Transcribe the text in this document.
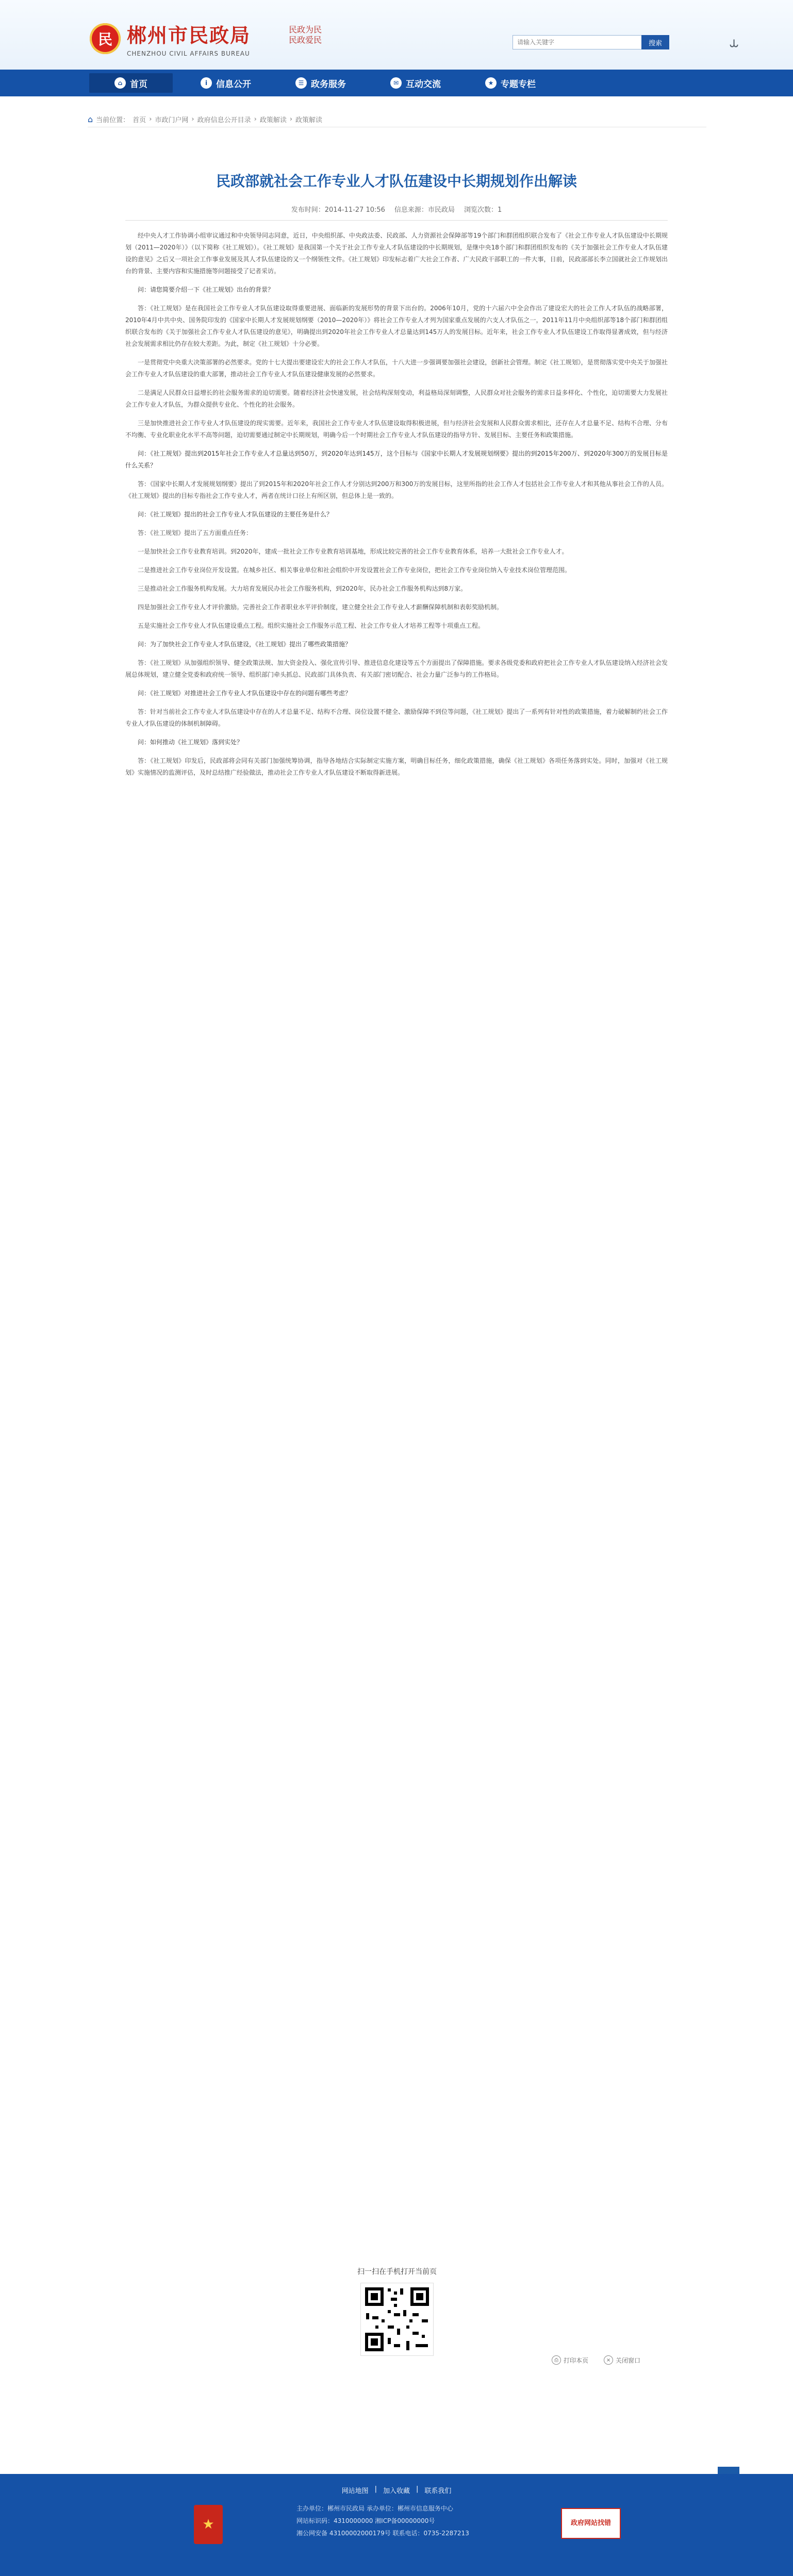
民 郴州市民政局
CHENZHOU CIVIL AFFAIRS BUREAU
民政为民 民政爱民
请输入关键字	搜索	⥿
⌂ 首页	i 信息公开	☰ 政务服务	✉ 互动交流	★ 专题专栏
⌂ 当前位置： 首页 › 市政门户网 › 政府信息公开目录 › 政策解读 › 政策解读
民政部就社会工作专业人才队伍建设中长期规划作出解读
发布时间：2014-11-27 10:56 信息来源：市民政局 浏览次数：1

经中央人才工作协调小组审议通过和中央领导同志同意，近日，中央组织部、中央政法委、民政部、人力资源社会保障部等19个部门和群团组织联合发布了《社会工作专业人才队伍建设中长期规划（2011—2020年）》（以下简称《社工规划》）。《社工规划》是我国第一个关于社会工作专业人才队伍建设的中长期规划，是继中央18个部门和群团组织发布的《关于加强社会工作专业人才队伍建设的意见》之后又一项社会工作事业发展及其人才队伍建设的又一个纲领性文件。《社工规划》印发标志着广大社会工作者、广大民政干部职工的一件大事，日前，民政部部长李立国就社会工作规划出台的背景、主要内容和实施措施等问题接受了记者采访。

问：请您简要介绍一下《社工规划》出台的背景？

答：《社工规划》是在我国社会工作专业人才队伍建设取得重要进展、面临新的发展形势的背景下出台的。2006年10月，党的十六届六中全会作出了建设宏大的社会工作人才队伍的战略部署，2010年4月中共中央、国务院印发的《国家中长期人才发展规划纲要（2010—2020年）》将社会工作专业人才列为国家重点发展的六支人才队伍之一，2011年11月中央组织部等18个部门和群团组织联合发布的《关于加强社会工作专业人才队伍建设的意见》，明确提出到2020年社会工作专业人才总量达到145万人的发展目标。近年来，社会工作专业人才队伍建设工作取得显著成效，但与经济社会发展需求相比仍存在较大差距。为此，制定《社工规划》十分必要。

一是贯彻党中央重大决策部署的必然要求。党的十七大提出要建设宏大的社会工作人才队伍，十八大进一步强调要加强社会建设，创新社会管理。制定《社工规划》，是贯彻落实党中央关于加强社会工作专业人才队伍建设的重大部署，推动社会工作专业人才队伍建设健康发展的必然要求。

二是满足人民群众日益增长的社会服务需求的迫切需要。随着经济社会快速发展，社会结构深刻变动，利益格局深刻调整，人民群众对社会服务的需求日益多样化、个性化，迫切需要大力发展社会工作专业人才队伍，为群众提供专业化、个性化的社会服务。

三是加快推进社会工作专业人才队伍建设的现实需要。近年来，我国社会工作专业人才队伍建设取得积极进展，但与经济社会发展和人民群众需求相比，还存在人才总量不足、结构不合理、分布不均衡、专业化职业化水平不高等问题，迫切需要通过制定中长期规划，明确今后一个时期社会工作专业人才队伍建设的指导方针、发展目标、主要任务和政策措施。

问：《社工规划》提出到2015年社会工作专业人才总量达到50万，到2020年达到145万，这个目标与《国家中长期人才发展规划纲要》提出的到2015年200万、到2020年300万的发展目标是什么关系？

答：《国家中长期人才发展规划纲要》提出了到2015年和2020年社会工作人才分别达到200万和300万的发展目标，这里所指的社会工作人才包括社会工作专业人才和其他从事社会工作的人员。《社工规划》提出的目标专指社会工作专业人才，两者在统计口径上有所区别，但总体上是一致的。

问：《社工规划》提出的社会工作专业人才队伍建设的主要任务是什么？

答：《社工规划》提出了五方面重点任务：

一是加快社会工作专业教育培训。到2020年，建成一批社会工作专业教育培训基地，形成比较完善的社会工作专业教育体系，培养一大批社会工作专业人才。

二是推进社会工作专业岗位开发设置。在城乡社区、相关事业单位和社会组织中开发设置社会工作专业岗位，把社会工作专业岗位纳入专业技术岗位管理范围。

三是推动社会工作服务机构发展。大力培育发展民办社会工作服务机构，到2020年，民办社会工作服务机构达到8万家。

四是加强社会工作专业人才评价激励。完善社会工作者职业水平评价制度，建立健全社会工作专业人才薪酬保障机制和表彰奖励机制。

五是实施社会工作专业人才队伍建设重点工程。组织实施社会工作服务示范工程、社会工作专业人才培养工程等十项重点工程。

问：为了加快社会工作专业人才队伍建设，《社工规划》提出了哪些政策措施？

答：《社工规划》从加强组织领导、健全政策法规、加大资金投入、强化宣传引导、推进信息化建设等五个方面提出了保障措施。要求各级党委和政府把社会工作专业人才队伍建设纳入经济社会发展总体规划，建立健全党委和政府统一领导、组织部门牵头抓总、民政部门具体负责、有关部门密切配合、社会力量广泛参与的工作格局。

问：《社工规划》对推进社会工作专业人才队伍建设中存在的问题有哪些考虑？

答：针对当前社会工作专业人才队伍建设中存在的人才总量不足、结构不合理、岗位设置不健全、激励保障不到位等问题，《社工规划》提出了一系列有针对性的政策措施，着力破解制约社会工作专业人才队伍建设的体制机制障碍。

问：如何推动《社工规划》落到实处？

答：《社工规划》印发后，民政部将会同有关部门加强统筹协调，指导各地结合实际制定实施方案，明确目标任务，细化政策措施，确保《社工规划》各项任务落到实处。同时，加强对《社工规划》实施情况的监测评估，及时总结推广经验做法，推动社会工作专业人才队伍建设不断取得新进展。

扫一扫在手机打开当前页
⎙ 打印本页	× 关闭窗口
网站地图 | 加入收藏 | 联系我们
★
主办单位：郴州市民政局 承办单位：郴州市信息服务中心
网站标识码：4310000000 湘ICP备00000000号
湘公网安备 43100002000179号 联系电话：0735-2287213
政府网站找错
